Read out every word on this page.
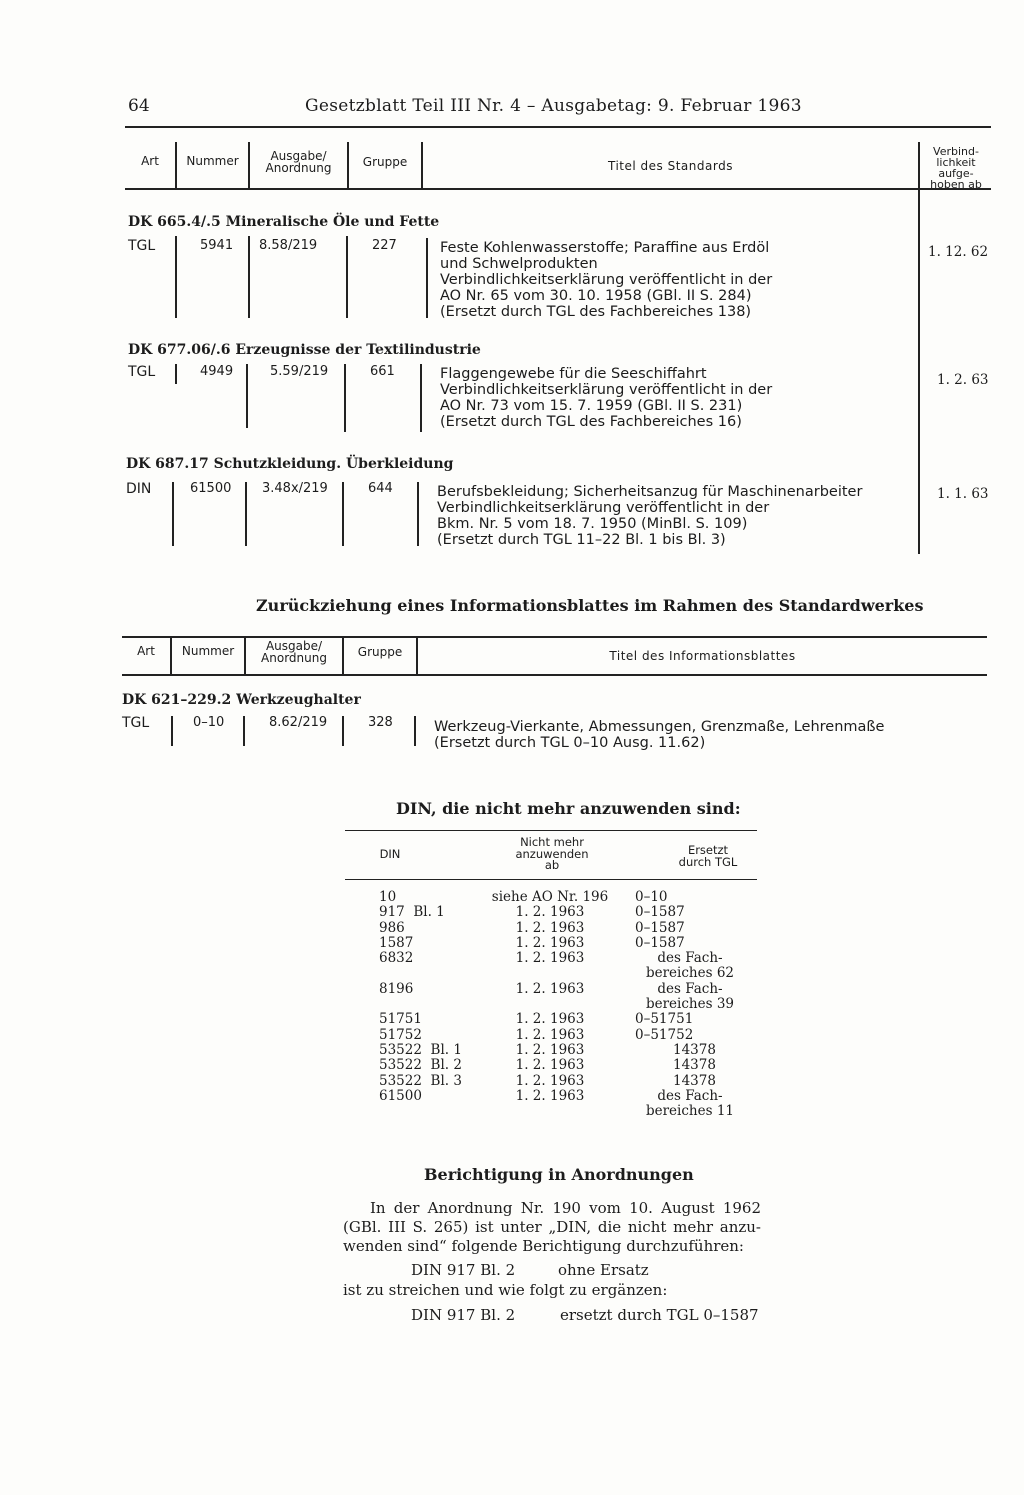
64	Gesetzblatt Teil III Nr. 4 – Ausgabetag: 9. Februar 1963
Art	Nummer	Ausgabe/
Anordnung	Gruppe	Titel des Standards
Verbind-
lichkeit
aufge-
hoben ab
DK 665.4/.5 Mineralische Öle und Fette
TGL	5941 8.58/219	227	Feste Kohlenwasserstoffe; Paraffine aus Erdöl
und Schwelprodukten
Verbindlichkeitserklärung veröffentlicht in der
AO Nr. 65 vom 30. 10. 1958 (GBl. II S. 284)
(Ersetzt durch TGL des Fachbereiches 138)
1. 12. 62
DK 677.06/.6 Erzeugnisse der Textilindustrie
TGL	4949	5.59/219	661	Flaggengewebe für die Seeschiffahrt
Verbindlichkeitserklärung veröffentlicht in der
AO Nr. 73 vom 15. 7. 1959 (GBl. II S. 231)
(Ersetzt durch TGL des Fachbereiches 16)
1. 2. 63
DK 687.17 Schutzkleidung. Überkleidung
DIN	61500 3.48x/219	644	Berufsbekleidung; Sicherheitsanzug für Maschinenarbeiter
Verbindlichkeitserklärung veröffentlicht in der
Bkm. Nr. 5 vom 18. 7. 1950 (MinBl. S. 109)
(Ersetzt durch TGL 11–22 Bl. 1 bis Bl. 3)
1. 1. 63
Zurückziehung eines Informationsblattes im Rahmen des Standardwerkes
Art	Nummer	Ausgabe/
Anordnung	Gruppe	Titel des Informationsblattes
DK 621–229.2 Werkzeughalter
TGL	0–10	8.62/219	328	Werkzeug-Vierkante, Abmessungen, Grenzmaße, Lehrenmaße
(Ersetzt durch TGL 0–10 Ausg. 11.62)
DIN, die nicht mehr anzuwenden sind:
DIN
Nicht mehr
anzuwenden
ab
Ersetzt
durch TGL
10	siehe AO Nr. 196	0–10
917  Bl. 1	1. 2. 1963	0–1587
986	1. 2. 1963	0–1587
1587	1. 2. 1963	0–1587
6832	1. 2. 1963	des Fach-
bereiches 62
8196	1. 2. 1963	des Fach-
bereiches 39
51751	1. 2. 1963	0–51751
51752	1. 2. 1963	0–51752
53522  Bl. 1	1. 2. 1963	14378
53522  Bl. 2	1. 2. 1963	14378
53522  Bl. 3	1. 2. 1963	14378
61500	1. 2. 1963	des Fach-
bereiches 11
Berichtigung in Anordnungen
In der Anordnung Nr. 190 vom 10. August 1962
(GBl. III S. 265) ist unter „DIN, die nicht mehr anzu-
wenden sind“ folgende Berichtigung durchzuführen:
DIN 917 Bl. 2	ohne Ersatz
ist zu streichen und wie folgt zu ergänzen:
DIN 917 Bl. 2	ersetzt durch TGL 0–1587
